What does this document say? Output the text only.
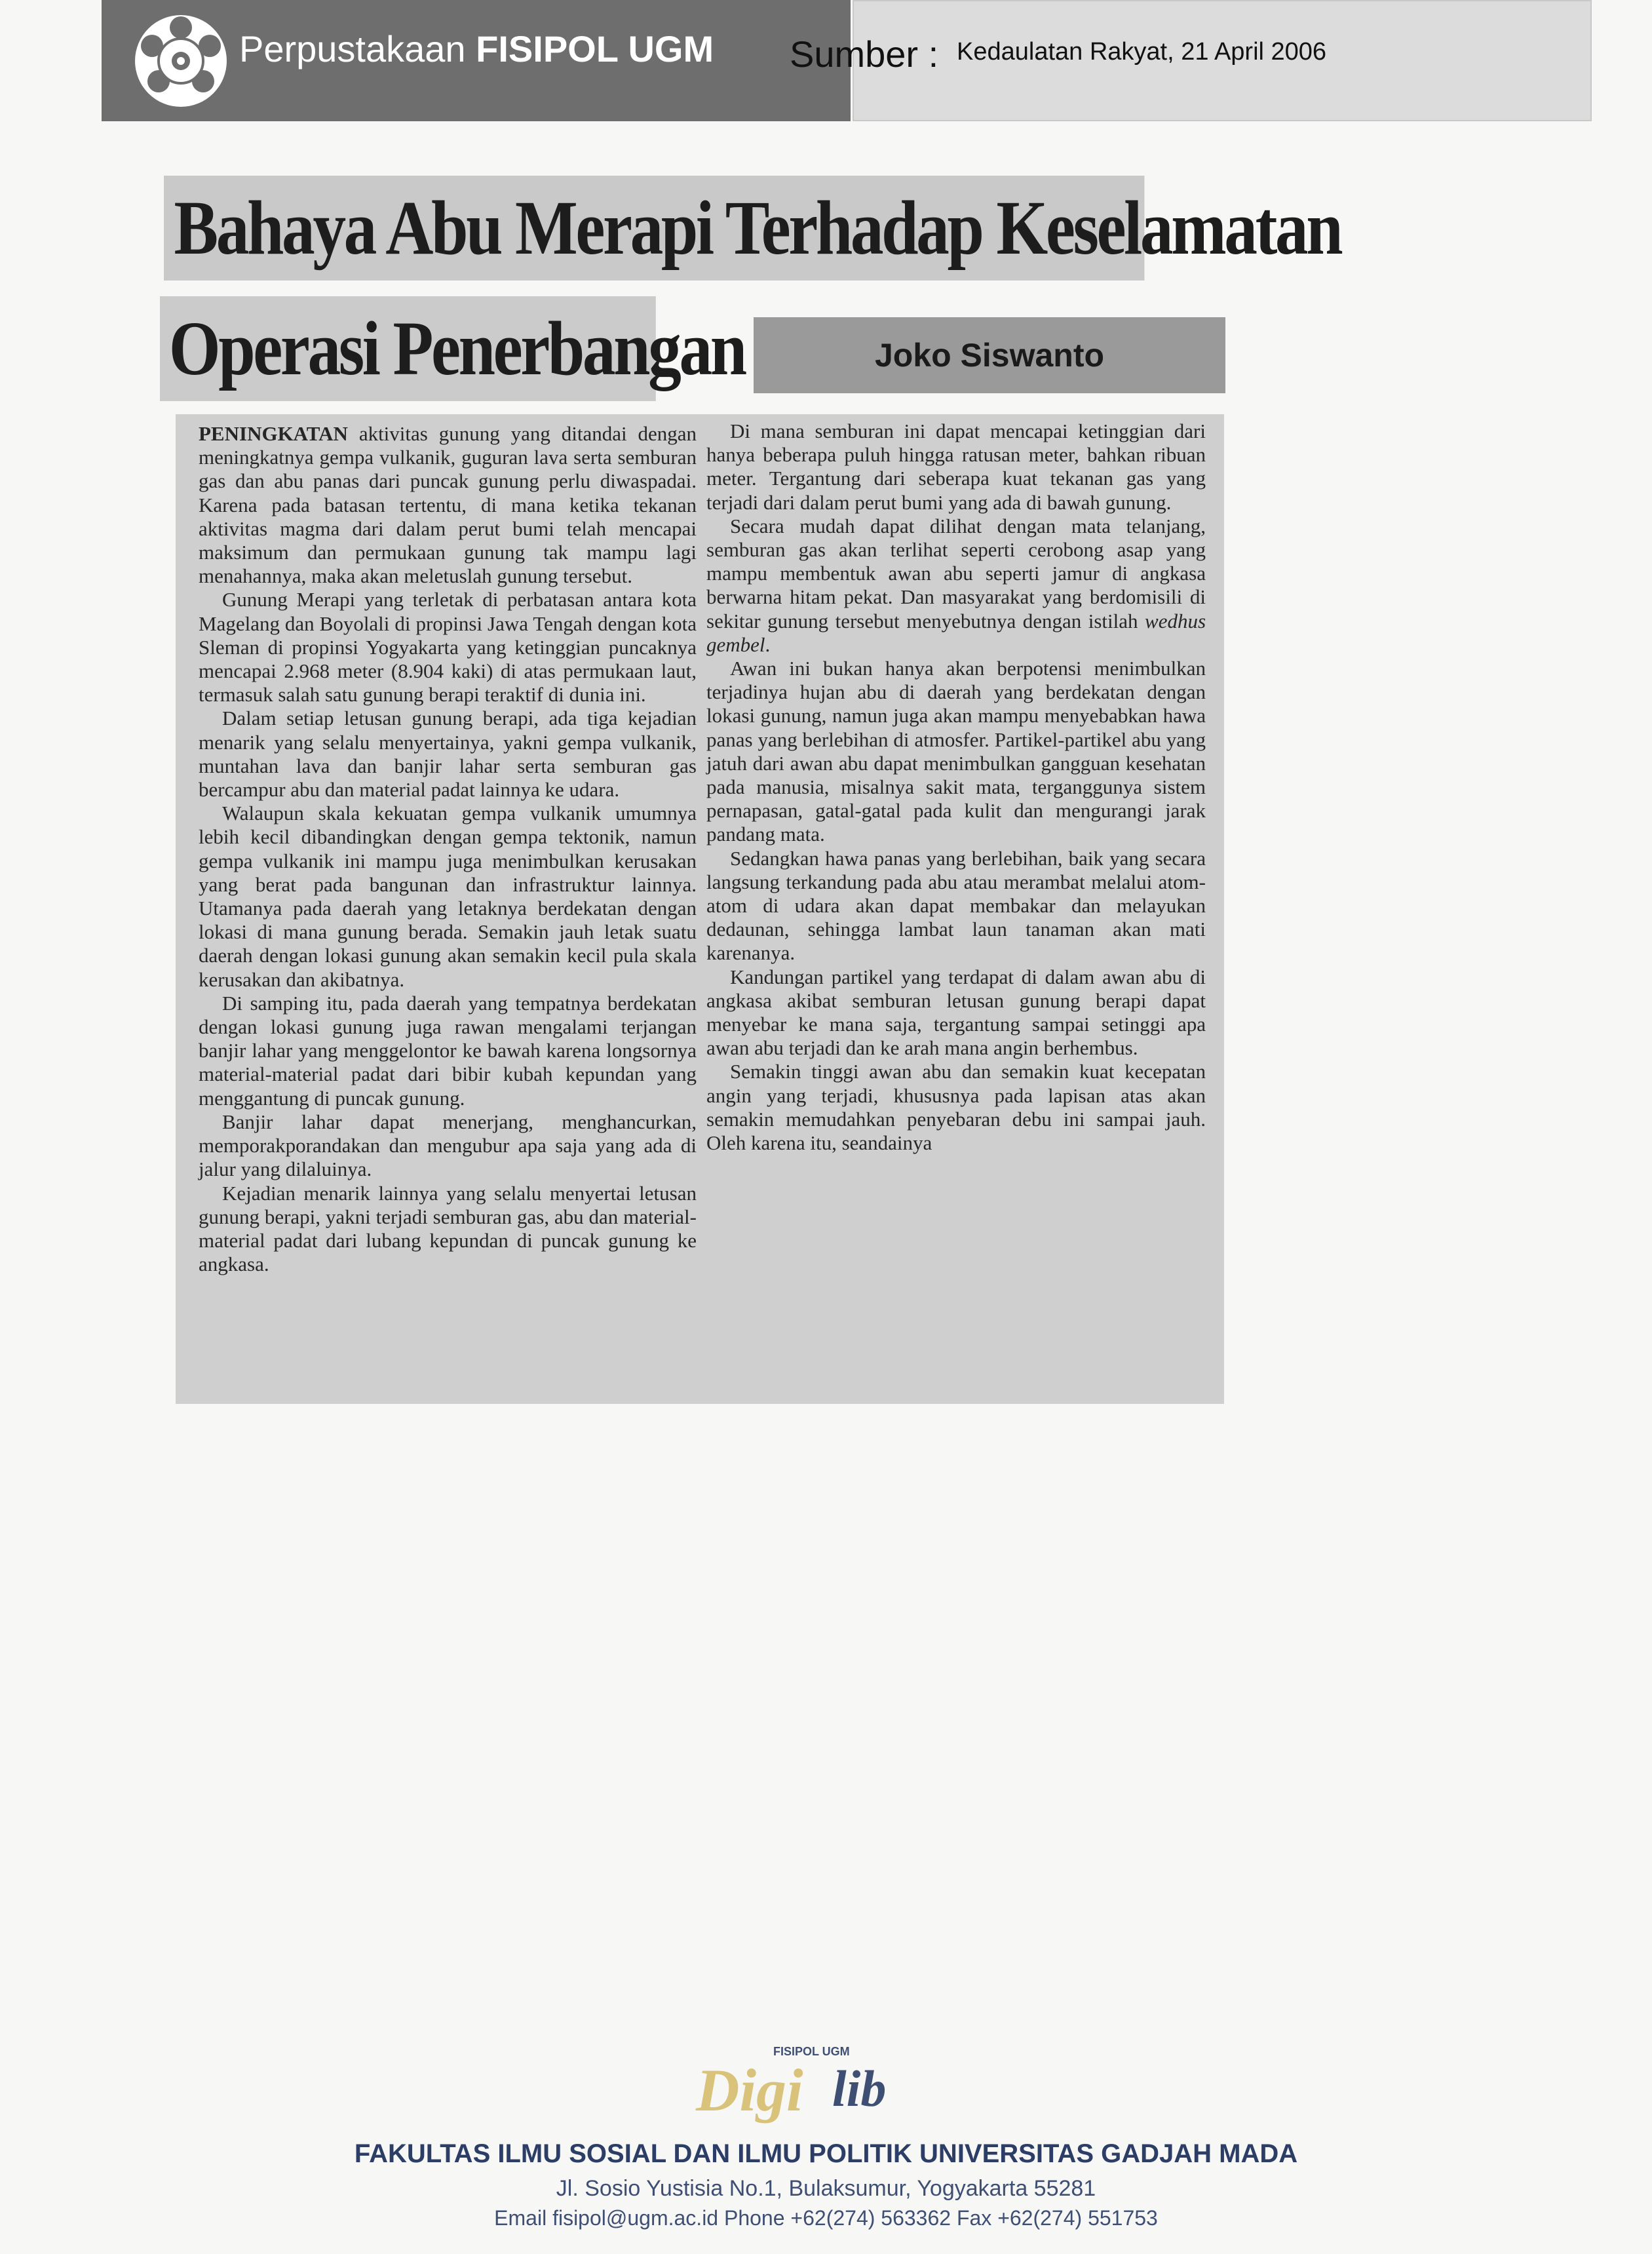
Perpustakaan FISIPOL UGM Sumber : Kedaulatan Rakyat, 21 April 2006
Bahaya Abu Merapi Terhadap Keselamatan
Operasi Penerbangan	Joko Siswanto

PENINGKATAN aktivitas gunung yang ditandai dengan meningkatnya gempa vulkanik, guguran lava serta semburan gas dan abu panas dari puncak gunung perlu diwaspadai. Karena pada batasan tertentu, di mana ketika tekanan aktivitas magma dari dalam perut bumi telah mencapai maksimum dan permukaan gunung tak mampu lagi menahannya, maka akan meletuslah gunung tersebut.

Gunung Merapi yang terletak di perbatasan antara kota Magelang dan Boyolali di propinsi Jawa Tengah dengan kota Sleman di propinsi Yogyakarta yang ketinggian puncaknya mencapai 2.968 meter (8.904 kaki) di atas permukaan laut, termasuk salah satu gunung berapi teraktif di dunia ini.

Dalam setiap letusan gunung berapi, ada tiga kejadian menarik yang selalu menyertainya, yakni gempa vulkanik, muntahan lava dan banjir lahar serta semburan gas bercampur abu dan material padat lainnya ke udara.

Walaupun skala kekuatan gempa vulkanik umumnya lebih kecil dibandingkan dengan gempa tektonik, namun gempa vulkanik ini mampu juga menimbulkan kerusakan yang berat pada bangunan dan infrastruktur lainnya. Utamanya pada daerah yang letaknya berdekatan dengan lokasi di mana gunung berada. Semakin jauh letak suatu daerah dengan lokasi gunung akan semakin kecil pula skala kerusakan dan akibatnya.

Di samping itu, pada daerah yang tempatnya berdekatan dengan lokasi gunung juga rawan mengalami terjangan banjir lahar yang menggelontor ke bawah karena longsornya material-material padat dari bibir kubah kepundan yang menggantung di puncak gunung.

Banjir lahar dapat menerjang, menghancurkan, memporakporandakan dan mengubur apa saja yang ada di jalur yang dilaluinya.

Kejadian menarik lainnya yang selalu menyertai letusan gunung berapi, yakni terjadi semburan gas, abu dan material-material padat dari lubang kepundan di puncak gunung ke angkasa.

Di mana semburan ini dapat mencapai ketinggian dari hanya beberapa puluh hingga ratusan meter, bahkan ribuan meter. Tergantung dari seberapa kuat tekanan gas yang terjadi dari dalam perut bumi yang ada di bawah gunung.

Secara mudah dapat dilihat dengan mata telanjang, semburan gas akan terlihat seperti cerobong asap yang mampu membentuk awan abu seperti jamur di angkasa berwarna hitam pekat. Dan masyarakat yang berdomisili di sekitar gunung tersebut menyebutnya dengan istilah wedhus gembel.

Awan ini bukan hanya akan berpotensi menimbulkan terjadinya hujan abu di daerah yang berdekatan dengan lokasi gunung, namun juga akan mampu menyebabkan hawa panas yang berlebihan di atmosfer. Partikel-partikel abu yang jatuh dari awan abu dapat menimbulkan gangguan kesehatan pada manusia, misalnya sakit mata, terganggunya sistem pernapasan, gatal-gatal pada kulit dan mengurangi jarak pandang mata.

Sedangkan hawa panas yang berlebihan, baik yang secara langsung terkandung pada abu atau merambat melalui atom-atom di udara akan dapat membakar dan melayukan dedaunan, sehingga lambat laun tanaman akan mati karenanya.

Kandungan partikel yang terdapat di dalam awan abu di angkasa akibat semburan letusan gunung berapi dapat menyebar ke mana saja, tergantung sampai setinggi apa awan abu terjadi dan ke arah mana angin berhembus.

Semakin tinggi awan abu dan semakin kuat kecepatan angin yang terjadi, khususnya pada lapisan atas akan semakin memudahkan penyebaran debu ini sampai jauh. Oleh karena itu, seandainya

FISIPOL UGM
Digi lib
FAKULTAS ILMU SOSIAL DAN ILMU POLITIK UNIVERSITAS GADJAH MADA
Jl. Sosio Yustisia No.1, Bulaksumur, Yogyakarta 55281
Email fisipol@ugm.ac.id Phone +62(274) 563362 Fax +62(274) 551753
